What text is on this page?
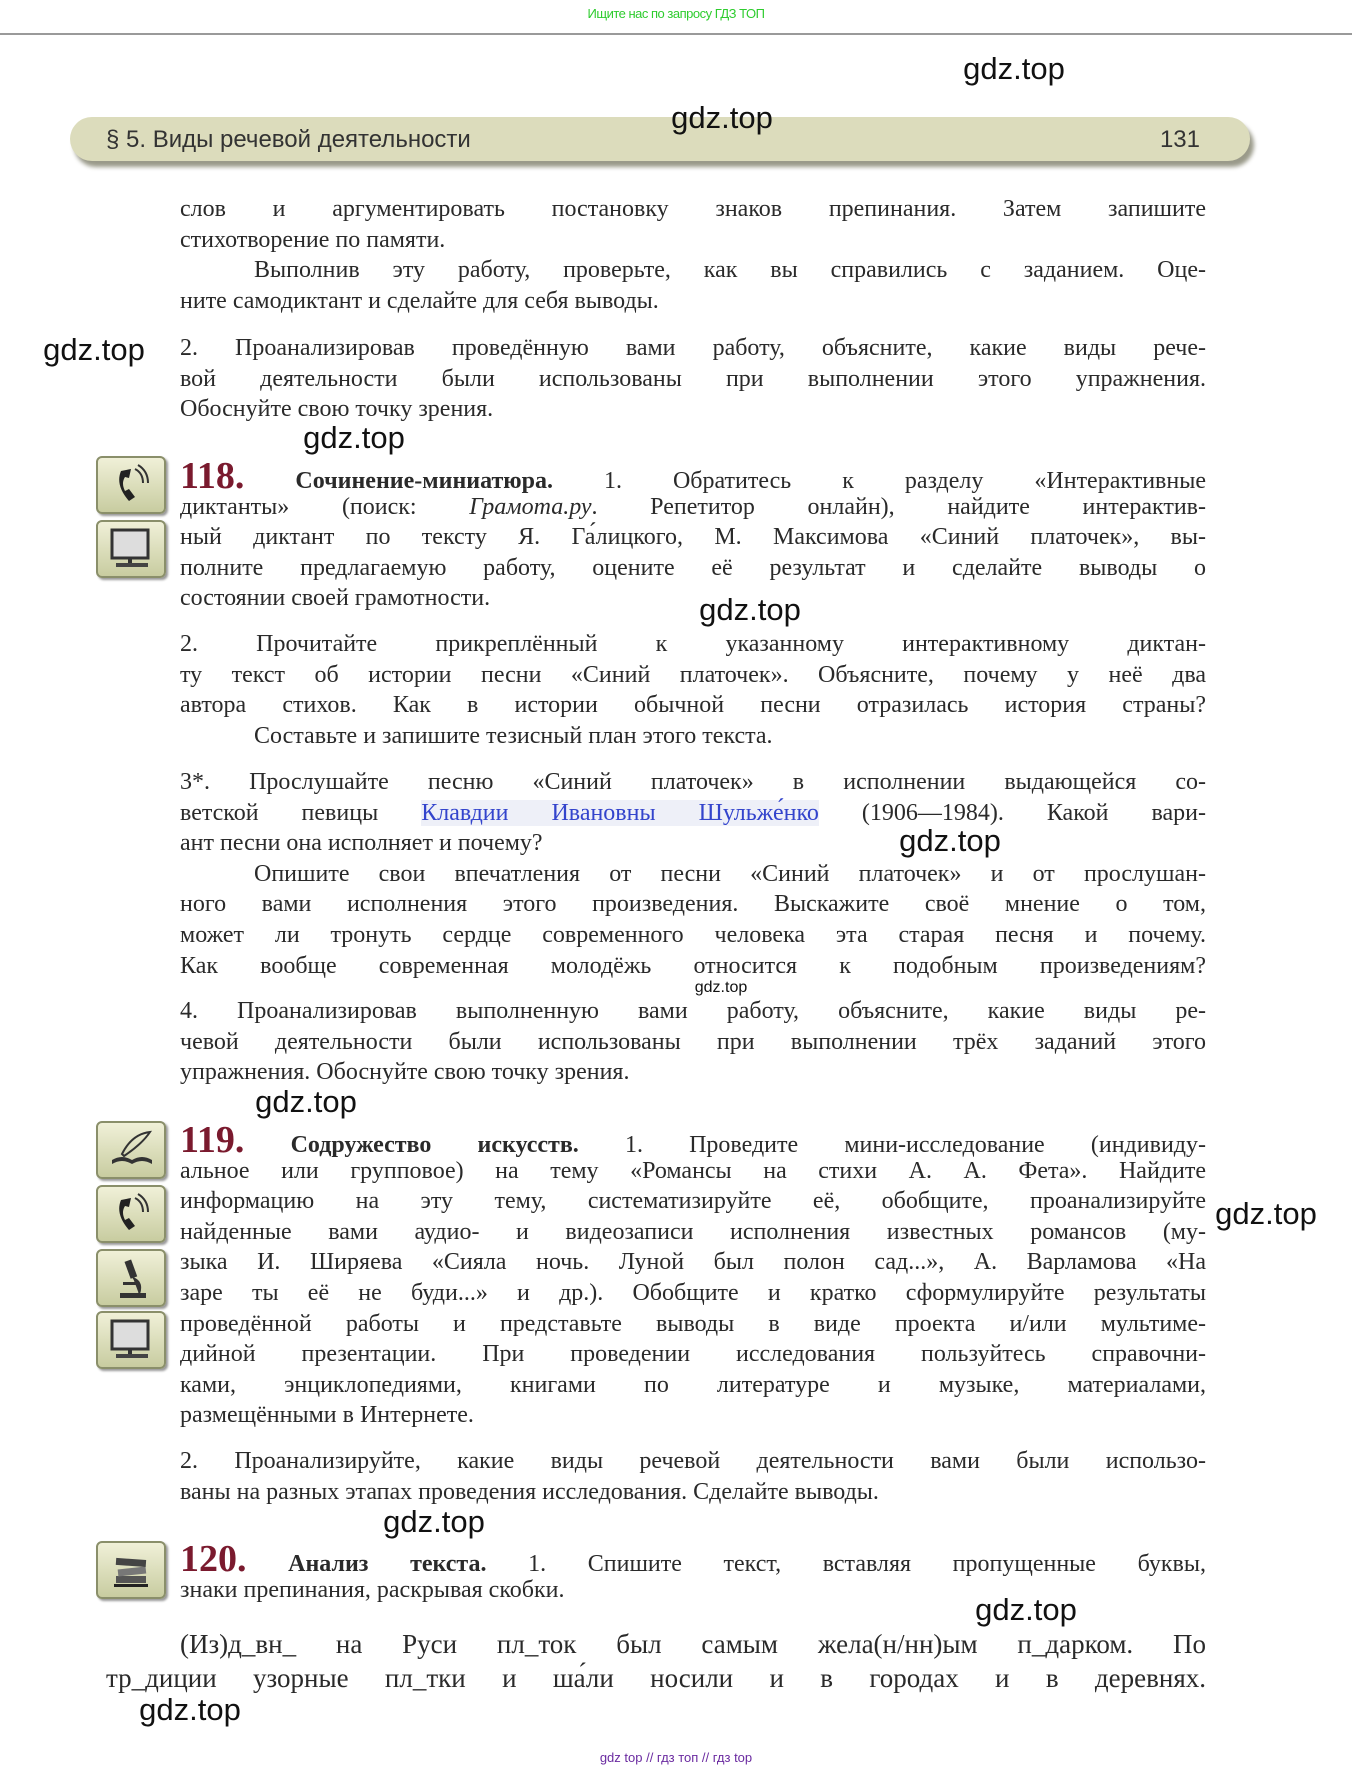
Ищите нас по запросу ГДЗ ТОП
§ 5. Виды речевой деятельности	131
слов и аргументировать постановку знаков препинания. Затем запишите
стихотворение по памяти.
Выполнив эту работу, проверьте, как вы справились с заданием. Оце-
ните самодиктант и сделайте для себя выводы.
2. Проанализировав проведённую вами работу, объясните, какие виды рече-
вой деятельности были использованы при выполнении этого упражнения.
Обоснуйте свою точку зрения.
118. Сочинение-миниатюра. 1. Обратитесь к разделу «Интерактивные
диктанты» (поиск: Грамота.ру. Репетитор онлайн), найдите интерактив-
ный диктант по тексту Я. Га́лицкого, М. Максимова «Синий платочек», вы-
полните предлагаемую работу, оцените её результат и сделайте выводы о
состоянии своей грамотности.
2. Прочитайте прикреплённый к указанному интерактивному диктан-
ту текст об истории песни «Синий платочек». Объясните, почему у неё два
автора стихов. Как в истории обычной песни отразилась история страны?
Составьте и запишите тезисный план этого текста.
3*. Прослушайте песню «Синий платочек» в исполнении выдающейся со-
ветской певицы Клавдии Ивановны Шульже́нко (1906—1984). Какой вари-
ант песни она исполняет и почему?
Опишите свои впечатления от песни «Синий платочек» и от прослушан-
ного вами исполнения этого произведения. Выскажите своё мнение о том,
может ли тронуть сердце современного человека эта старая песня и почему.
Как вообще современная молодёжь относится к подобным произведениям?
4. Проанализировав выполненную вами работу, объясните, какие виды ре-
чевой деятельности были использованы при выполнении трёх заданий этого
упражнения. Обоснуйте свою точку зрения.
119. Содружество искусств. 1. Проведите мини-исследование (индивиду-
альное или групповое) на тему «Романсы на стихи А. А. Фета». Найдите
информацию на эту тему, систематизируйте её, обобщите, проанализируйте
найденные вами аудио- и видеозаписи исполнения известных романсов (му-
зыка И. Ширяева «Сияла ночь. Луной был полон сад...», А. Варламова «На
заре ты её не буди...» и др.). Обобщите и кратко сформулируйте результаты
проведённой работы и представьте выводы в виде проекта и/или мультиме-
дийной презентации. При проведении исследования пользуйтесь справочни-
ками, энциклопедиями, книгами по литературе и музыке, материалами,
размещёнными в Интернете.
2. Проанализируйте, какие виды речевой деятельности вами были использо-
ваны на разных этапах проведения исследования. Сделайте выводы.
120. Анализ текста. 1. Спишите текст, вставляя пропущенные буквы,
знаки препинания, раскрывая скобки.
(Из)д_вн_ на Руси пл_ток был самым жела(н/нн)ым п_дарком. По
тр_диции узорные пл_тки и ша́ли носили и в городах и в деревнях.
gdz.top
gdz.top
gdz.top
gdz.top
gdz.top
gdz.top
gdz.top
gdz.top
gdz.top
gdz.top
gdz.top
gdz.top
gdz top // гдз топ // гдз top
